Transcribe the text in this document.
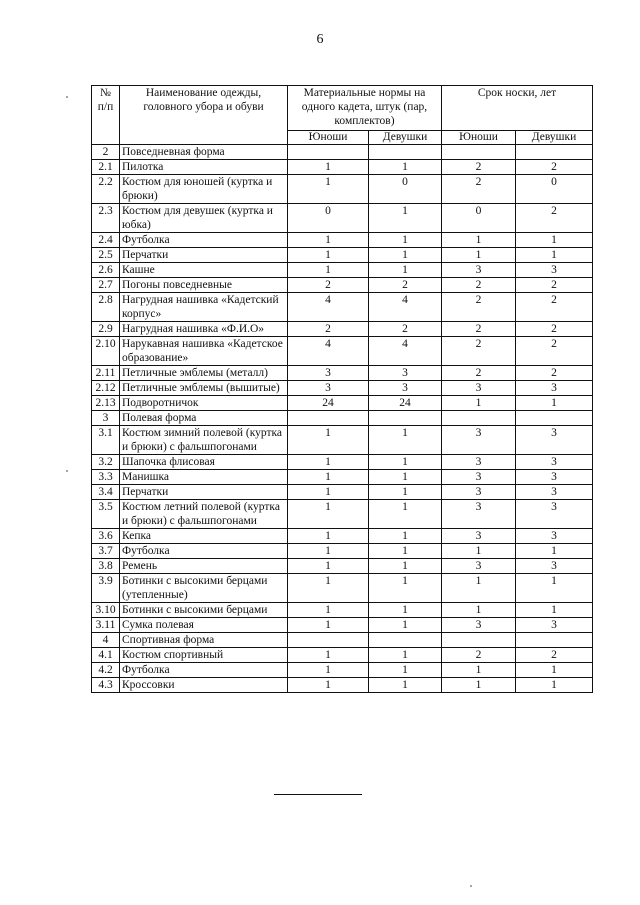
6
№ п/п	Наименование одежды, головного убора и обуви	Материальные нормы на одного кадета, штук (пар, комплектов)		Срок носки, лет	
		Юноши	Девушки	Юноши	Девушки
2	Повседневная форма				
2.1	Пилотка	1	1	2	2
2.2	Костюм для юношей (куртка и брюки)	1	0	2	0
2.3	Костюм для девушек (куртка и юбка)	0	1	0	2
2.4	Футболка	1	1	1	1
2.5	Перчатки	1	1	1	1
2.6	Кашне	1	1	3	3
2.7	Погоны повседневные	2	2	2	2
2.8	Нагрудная нашивка «Кадетский корпус»	4	4	2	2
2.9	Нагрудная нашивка «Ф.И.О»	2	2	2	2
2.10	Нарукавная нашивка «Кадетское образование»	4	4	2	2
2.11	Петличные эмблемы (металл)	3	3	2	2
2.12	Петличные эмблемы (вышитые)	3	3	3	3
2.13	Подворотничок	24	24	1	1
3	Полевая форма				
3.1	Костюм зимний полевой (куртка и брюки) с фальшпогонами	1	1	3	3
3.2	Шапочка флисовая	1	1	3	3
3.3	Манишка	1	1	3	3
3.4	Перчатки	1	1	3	3
3.5	Костюм летний полевой (куртка и брюки) с фальшпогонами	1	1	3	3
3.6	Кепка	1	1	3	3
3.7	Футболка	1	1	1	1
3.8	Ремень	1	1	3	3
3.9	Ботинки с высокими берцами (утепленные)	1	1	1	1
3.10	Ботинки с высокими берцами	1	1	1	1
3.11	Сумка полевая	1	1	3	3
4	Спортивная форма				
4.1	Костюм спортивный	1	1	2	2
4.2	Футболка	1	1	1	1
4.3	Кроссовки	1	1	1	1
